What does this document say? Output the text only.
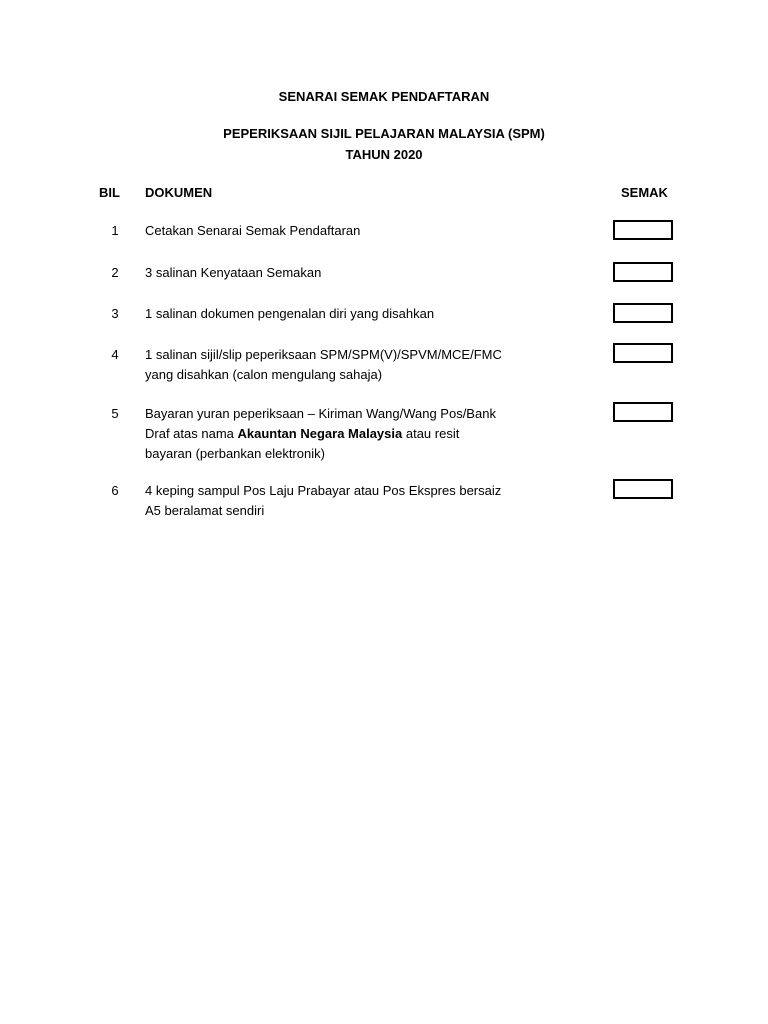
SENARAI SEMAK PENDAFTARAN
PEPERIKSAAN SIJIL PELAJARAN MALAYSIA (SPM)
TAHUN 2020
BIL DOKUMEN	SEMAK
1	Cetakan Senarai Semak Pendaftaran
2	3 salinan Kenyataan Semakan
3	1 salinan dokumen pengenalan diri yang disahkan
4	1 salinan sijil/slip peperiksaan SPM/SPM(V)/SPVM/MCE/FMC
yang disahkan (calon mengulang sahaja)
5	Bayaran yuran peperiksaan – Kiriman Wang/Wang Pos/Bank
Draf atas nama Akauntan Negara Malaysia atau resit
bayaran (perbankan elektronik)
6	4 keping sampul Pos Laju Prabayar atau Pos Ekspres bersaiz
A5 beralamat sendiri
